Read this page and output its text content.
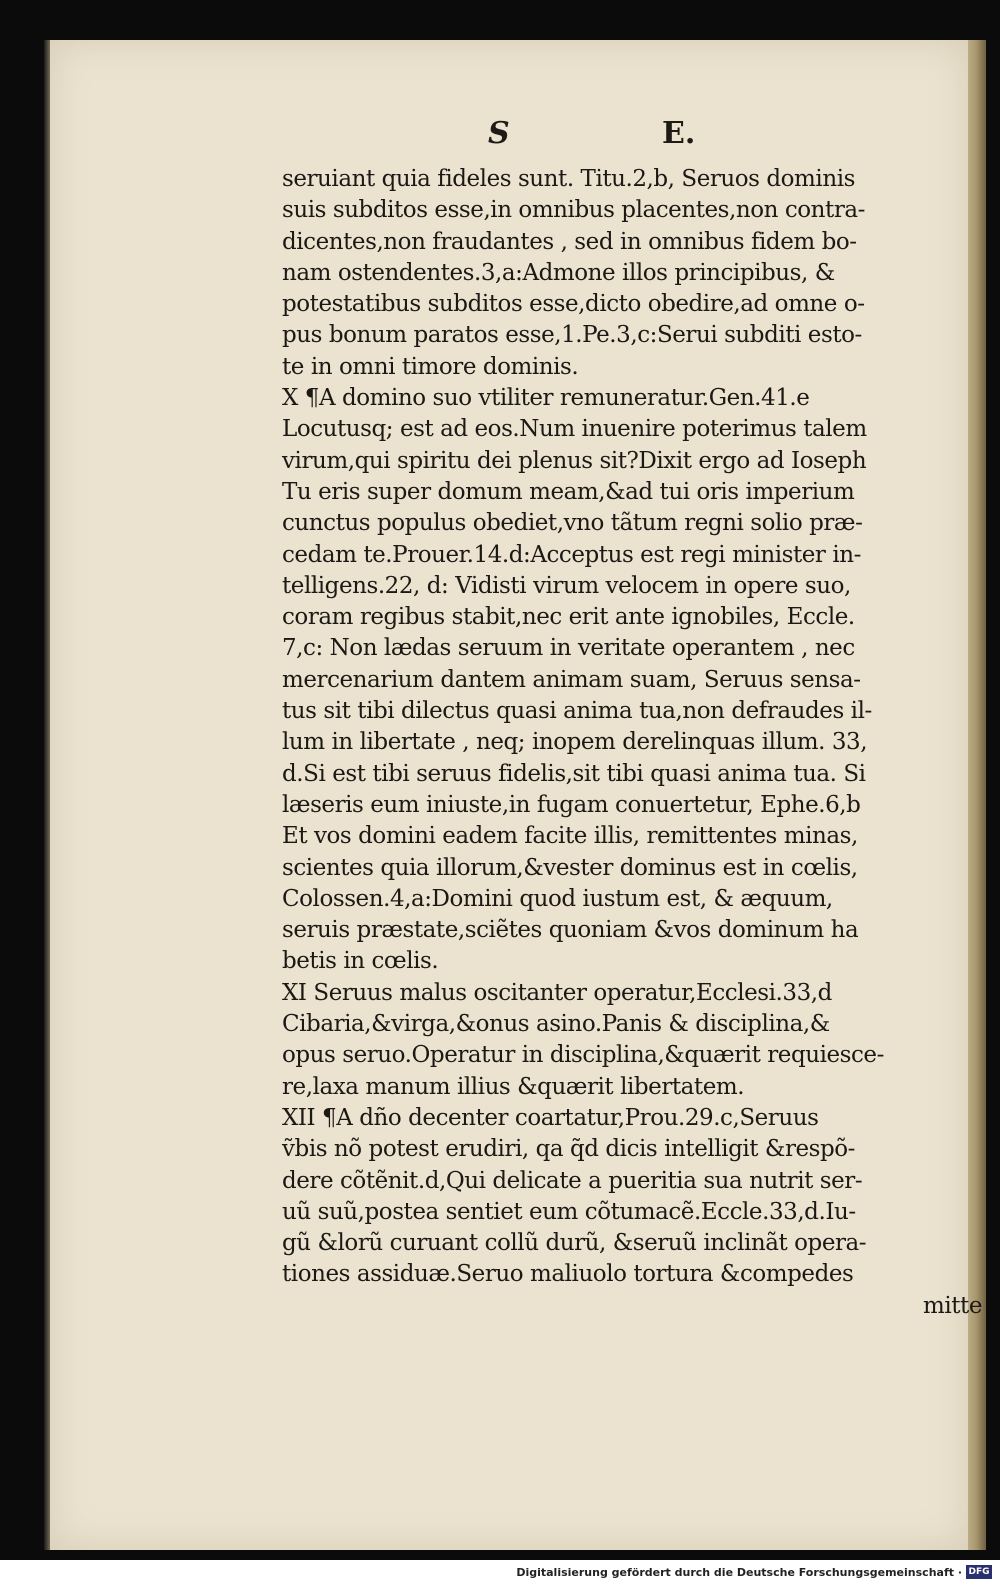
S	E.
seruiant quia fideles sunt. Titu.2,b, Seruos dominis
suis subditos esse,in omnibus placentes,non contra-
dicentes,non fraudantes , sed in omnibus fidem bo-
nam ostendentes.3,a:Admone illos principibus, &
potestatibus subditos esse,dicto obedire,ad omne o-
pus bonum paratos esse,1.Pe.3,c:Serui subditi esto-
te in omni timore dominis.
X ¶A domino suo vtiliter remuneratur.Gen.41.e
Locutusq; est ad eos.Num inuenire poterimus talem
virum,qui spiritu dei plenus sit?Dixit ergo ad Ioseph
Tu eris super domum meam,&ad tui oris imperium
cunctus populus obediet,vno tãtum regni solio præ-
cedam te.Prouer.14.d:Acceptus est regi minister in-
telligens.22, d: Vidisti virum velocem in opere suo,
coram regibus stabit,nec erit ante ignobiles, Eccle.
7,c: Non lædas seruum in veritate operantem , nec
mercenarium dantem animam suam, Seruus sensa-
tus sit tibi dilectus quasi anima tua,non defraudes il-
lum in libertate , neq; inopem derelinquas illum. 33,
d.Si est tibi seruus fidelis,sit tibi quasi anima tua. Si
læseris eum iniuste,in fugam conuertetur, Ephe.6,b
Et vos domini eadem facite illis, remittentes minas,
scientes quia illorum,&vester dominus est in cœlis,
Colossen.4,a:Domini quod iustum est, & æquum,
seruis præstate,sciẽtes quoniam &vos dominum ha
betis in cœlis.
XI Seruus malus oscitanter operatur,Ecclesi.33,d
Cibaria,&virga,&onus asino.Panis & disciplina,&
opus seruo.Operatur in disciplina,&quærit requiesce-
re,laxa manum illius &quærit libertatem.
XII ¶A dño decenter coartatur,Prou.29.c,Seruus
ṽbis nõ potest erudiri, qa q̃d dicis intelligit &respõ-
dere cõtẽnit.d,Qui delicate a pueritia sua nutrit ser-
uũ suũ,postea sentiet eum cõtumacẽ.Eccle.33,d.Iu-
gũ &lorũ curuant collũ durũ, &seruũ inclinãt opera-
tiones assiduæ.Seruo maliuolo tortura &compedes
mitte
Digitalisierung gefördert durch die Deutsche Forschungsgemeinschaft · DFG
